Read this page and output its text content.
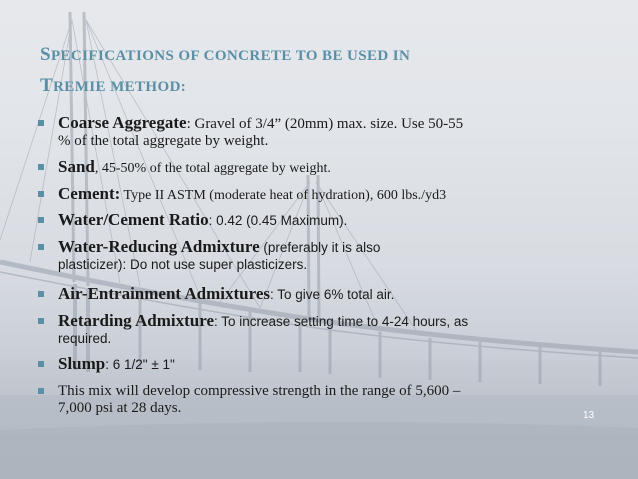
SPECIFICATIONS OF CONCRETE TO BE USED IN
TREMIE METHOD:
Coarse Aggregate: Gravel of 3/4” (20mm) max. size. Use 50-55
% of the total aggregate by weight.
Sand, 45-50% of the total aggregate by weight.
Cement: Type II ASTM (moderate heat of hydration), 600 lbs./yd3
Water/Cement Ratio: 0.42 (0.45 Maximum).
Water-Reducing Admixture (preferably it is also
plasticizer): Do not use super plasticizers.
Air-Entrainment Admixtures: To give 6% total air.
Retarding Admixture: To increase setting time to 4-24 hours, as
required.
Slump: 6 1/2" ± 1"
This mix will develop compressive strength in the range of 5,600 –
7,000 psi at 28 days.	13
